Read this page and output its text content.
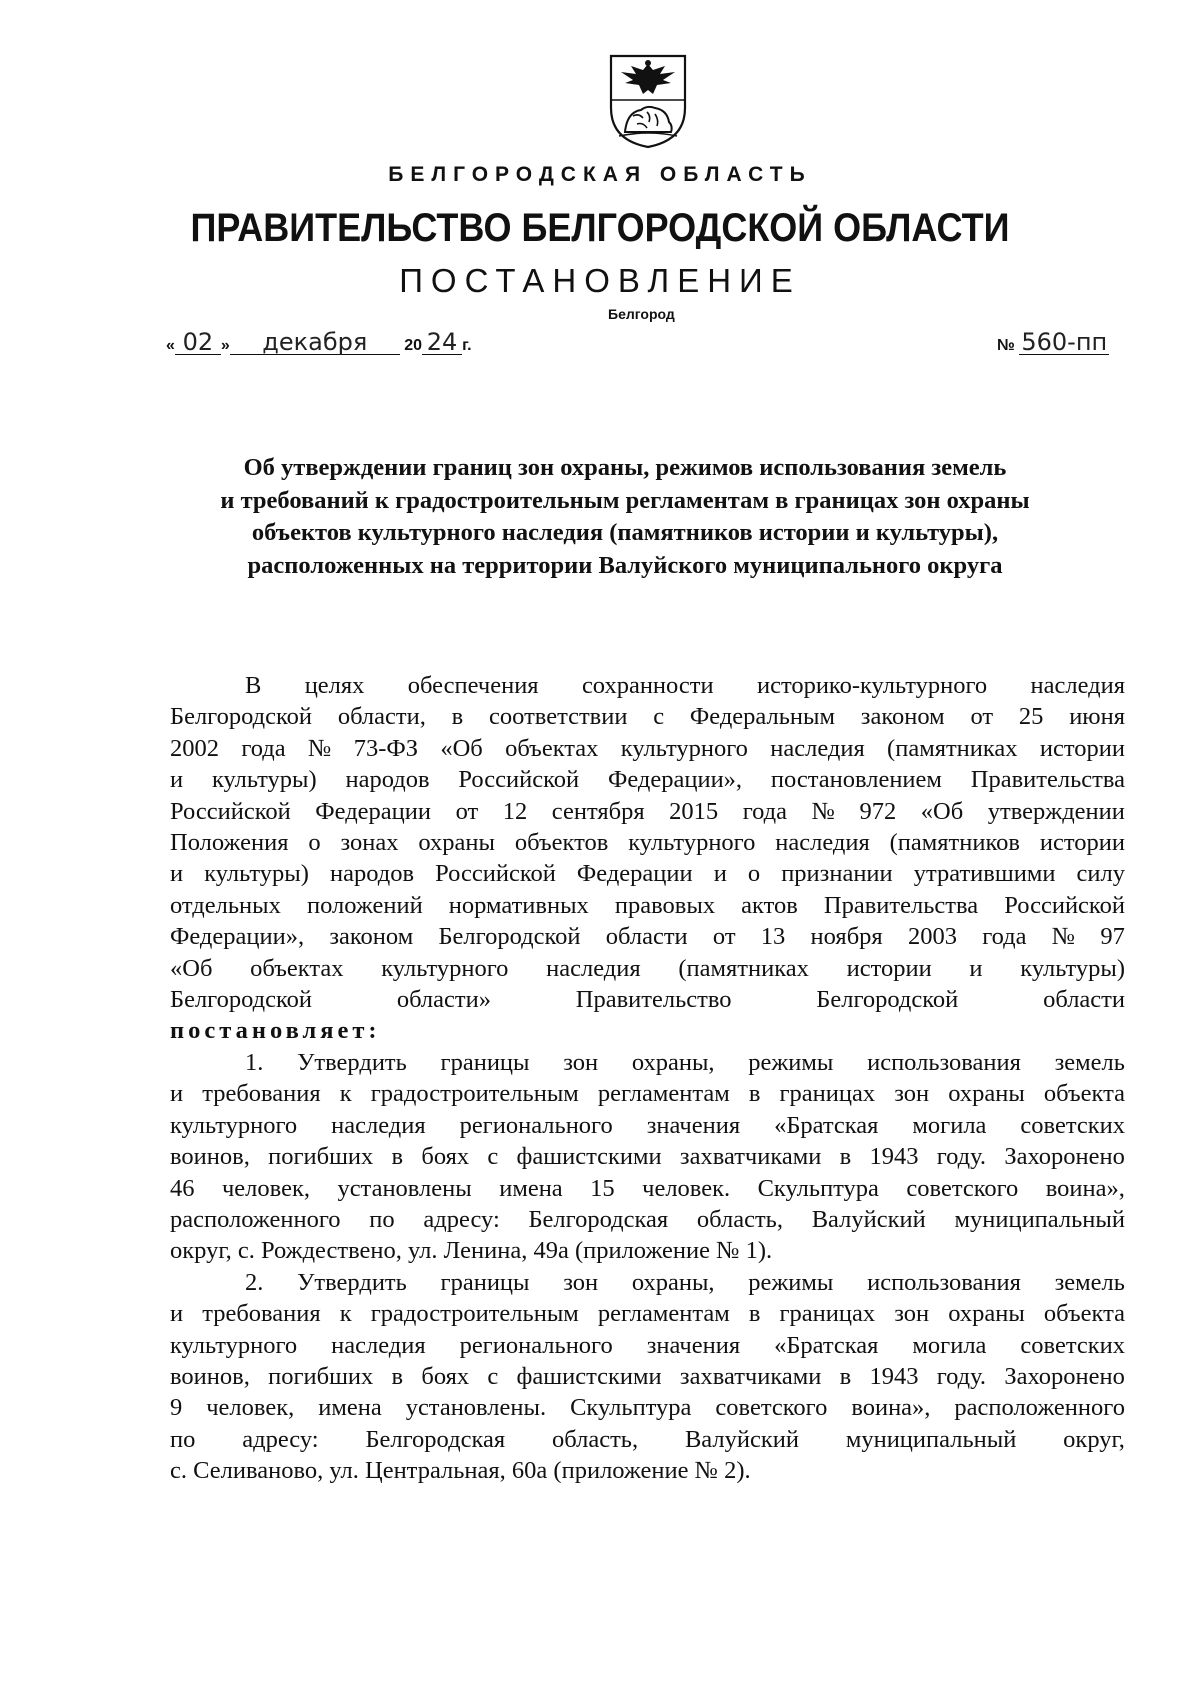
БЕЛГОРОДСКАЯ ОБЛАСТЬ
ПРАВИТЕЛЬСТВО БЕЛГОРОДСКОЙ ОБЛАСТИ
ПОСТАНОВЛЕНИЕ
Белгород
« 02 » декабря 20 24 г.	№ 560-пп
Об утверждении границ зон охраны, режимов использования земель
и требований к градостроительным регламентам в границах зон охраны
объектов культурного наследия (памятников истории и культуры),
расположенных на территории Валуйского муниципального округа
В целях обеспечения сохранности историко-культурного наследия
Белгородской области, в соответствии с Федеральным законом от 25 июня
2002 года № 73-ФЗ «Об объектах культурного наследия (памятниках истории
и культуры) народов Российской Федерации», постановлением Правительства
Российской Федерации от 12 сентября 2015 года № 972 «Об утверждении
Положения о зонах охраны объектов культурного наследия (памятников истории
и культуры) народов Российской Федерации и о признании утратившими силу
отдельных положений нормативных правовых актов Правительства Российской
Федерации», законом Белгородской области от 13 ноября 2003 года № 97
«Об объектах культурного наследия (памятниках истории и культуры)
Белгородской	области»	Правительство	Белгородской	области
постановляет:
1. Утвердить границы зон охраны, режимы использования земель
и требования к градостроительным регламентам в границах зон охраны объекта
культурного наследия регионального значения «Братская могила советских
воинов, погибших в боях с фашистскими захватчиками в 1943 году. Захоронено
46 человек, установлены имена 15 человек. Скульптура советского воина»,
расположенного по адресу: Белгородская область, Валуйский муниципальный
округ, с. Рождествено, ул. Ленина, 49а (приложение № 1).
2. Утвердить границы зон охраны, режимы использования земель
и требования к градостроительным регламентам в границах зон охраны объекта
культурного наследия регионального значения «Братская могила советских
воинов, погибших в боях с фашистскими захватчиками в 1943 году. Захоронено
9 человек, имена установлены. Скульптура советского воина», расположенного
по адресу: Белгородская область, Валуйский муниципальный округ,
с. Селиваново, ул. Центральная, 60а (приложение № 2).
